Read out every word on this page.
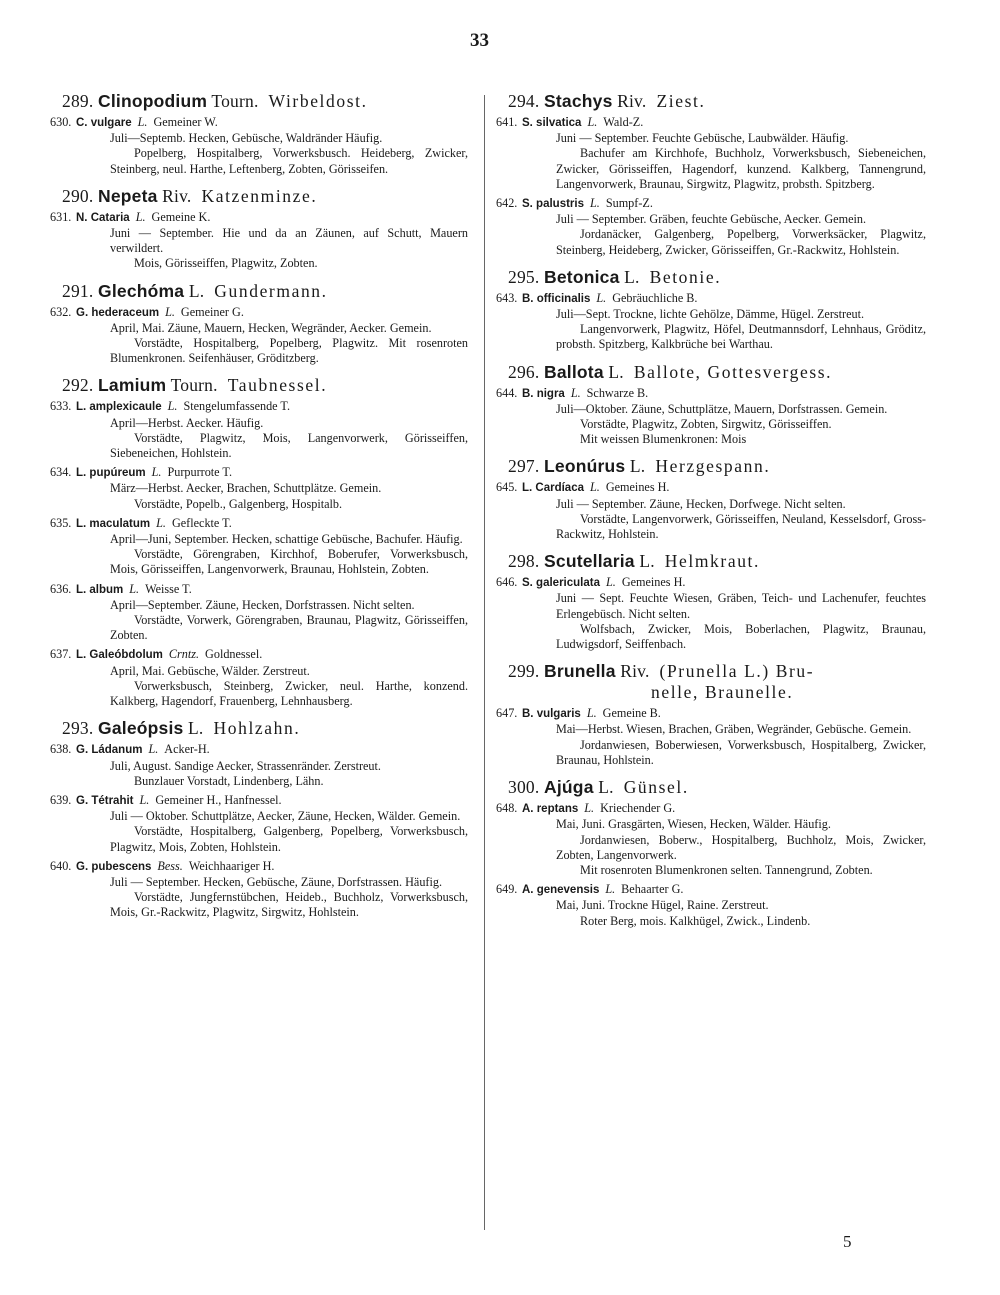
33
289. Clinopodium Tourn. Wirbeldost.
630. C. vulgare L. Gemeiner W.
Juli—Septemb. Hecken, Gebüsche, Waldränder Häufig.
Popelberg, Hospitalberg, Vorwerksbusch. Heideberg, Zwicker, Steinberg, neul. Harthe, Leftenberg, Zobten, Görisseifen.
290. Nepeta Riv. Katzenminze.
631. N. Cataria L. Gemeine K.
Juni — September. Hie und da an Zäunen, auf Schutt, Mauern verwildert.
Mois, Görisseiffen, Plagwitz, Zobten.
291. Glechóma L. Gundermann.
632. G. hederaceum L. Gemeiner G.
April, Mai. Zäune, Mauern, Hecken, Wegränder, Aecker. Gemein.
Vorstädte, Hospitalberg, Popelberg, Plagwitz. Mit rosenroten Blumenkronen. Seifenhäuser, Gröditzberg.
292. Lamium Tourn. Taubnessel.
633. L. amplexicaule L. Stengelumfassende T.
April—Herbst. Aecker. Häufig.
Vorstädte, Plagwitz, Mois, Langenvorwerk, Görisseiffen, Siebeneichen, Hohlstein.
634. L. pupúreum L. Purpurrote T.
März—Herbst. Aecker, Brachen, Schuttplätze. Gemein.
Vorstädte, Popelb., Galgenberg, Hospitalb.
635. L. maculatum L. Gefleckte T.
April—Juni, September. Hecken, schattige Gebüsche, Bachufer. Häufig.
Vorstädte, Görengraben, Kirchhof, Boberufer, Vorwerksbusch, Mois, Görisseiffen, Langenvorwerk, Braunau, Hohlstein, Zobten.
636. L. album L. Weisse T.
April—September. Zäune, Hecken, Dorfstrassen. Nicht selten.
Vorstädte, Vorwerk, Görengraben, Braunau, Plagwitz, Görisseiffen, Zobten.
637. L. Galeóbdolum Crntz. Goldnessel.
April, Mai. Gebüsche, Wälder. Zerstreut.
Vorwerksbusch, Steinberg, Zwicker, neul. Harthe, konzend. Kalkberg, Hagendorf, Frauenberg, Lehnhausberg.
293. Galeópsis L. Hohlzahn.
638. G. Ládanum L. Acker-H.
Juli, August. Sandige Aecker, Strassenränder. Zerstreut.
Bunzlauer Vorstadt, Lindenberg, Lähn.
639. G. Tétrahit L. Gemeiner H., Hanfnessel.
Juli — Oktober. Schuttplätze, Aecker, Zäune, Hecken, Wälder. Gemein.
Vorstädte, Hospitalberg, Galgenberg, Popelberg, Vorwerksbusch, Plagwitz, Mois, Zobten, Hohlstein.
640. G. pubescens Bess. Weichhaariger H.
Juli — September. Hecken, Gebüsche, Zäune, Dorfstrassen. Häufig.
Vorstädte, Jungfernstübchen, Heideb., Buchholz, Vorwerksbusch, Mois, Gr.-Rackwitz, Plagwitz, Sirgwitz, Hohlstein.
294. Stachys Riv. Ziest.
641. S. silvatica L. Wald-Z.
Juni — September. Feuchte Gebüsche, Laubwälder. Häufig.
Bachufer am Kirchhofe, Buchholz, Vorwerksbusch, Siebeneichen, Zwicker, Görisseiffen, Hagendorf, kunzend. Kalkberg, Tannengrund, Langenvorwerk, Braunau, Sirgwitz, Plagwitz, probsth. Spitzberg.
642. S. palustris L. Sumpf-Z.
Juli — September. Gräben, feuchte Gebüsche, Aecker. Gemein.
Jordanäcker, Galgenberg, Popelberg, Vorwerksäcker, Plagwitz, Steinberg, Heideberg, Zwicker, Görisseiffen, Gr.-Rackwitz, Hohlstein.
295. Betonica L. Betonie.
643. B. officinalis L. Gebräuchliche B.
Juli—Sept. Trockne, lichte Gehölze, Dämme, Hügel. Zerstreut.
Langenvorwerk, Plagwitz, Höfel, Deutmannsdorf, Lehnhaus, Gröditz, probsth. Spitzberg, Kalkbrüche bei Warthau.
296. Ballota L. Ballote, Gottesvergess.
644. B. nigra L. Schwarze B.
Juli—Oktober. Zäune, Schuttplätze, Mauern, Dorfstrassen. Gemein.
Vorstädte, Plagwitz, Zobten, Sirgwitz, Görisseiffen.
Mit weissen Blumenkronen: Mois
297. Leonúrus L. Herzgespann.
645. L. Cardíaca L. Gemeines H.
Juli — September. Zäune, Hecken, Dorfwege. Nicht selten.
Vorstädte, Langenvorwerk, Görisseiffen, Neuland, Kesselsdorf, Gross-Rackwitz, Hohlstein.
298. Scutellaria L. Helmkraut.
646. S. galericulata L. Gemeines H.
Juni — Sept. Feuchte Wiesen, Gräben, Teich- und Lachenufer, feuchtes Erlengebüsch. Nicht selten.
Wolfsbach, Zwicker, Mois, Boberlachen, Plagwitz, Braunau, Ludwigsdorf, Seiffenbach.
299. Brunella Riv. (Prunella L.) Bru-
nelle, Braunelle.
647. B. vulgaris L. Gemeine B.
Mai—Herbst. Wiesen, Brachen, Gräben, Wegränder, Gebüsche. Gemein.
Jordanwiesen, Boberwiesen, Vorwerksbusch, Hospitalberg, Zwicker, Braunau, Hohlstein.
300. Ajúga L. Günsel.
648. A. reptans L. Kriechender G.
Mai, Juni. Grasgärten, Wiesen, Hecken, Wälder. Häufig.
Jordanwiesen, Boberw., Hospitalberg, Buchholz, Mois, Zwicker, Zobten, Langenvorwerk.
Mit rosenroten Blumenkronen selten. Tannengrund, Zobten.
649. A. genevensis L. Behaarter G.
Mai, Juni. Trockne Hügel, Raine. Zerstreut.
Roter Berg, mois. Kalkhügel, Zwick., Lindenb.
5
